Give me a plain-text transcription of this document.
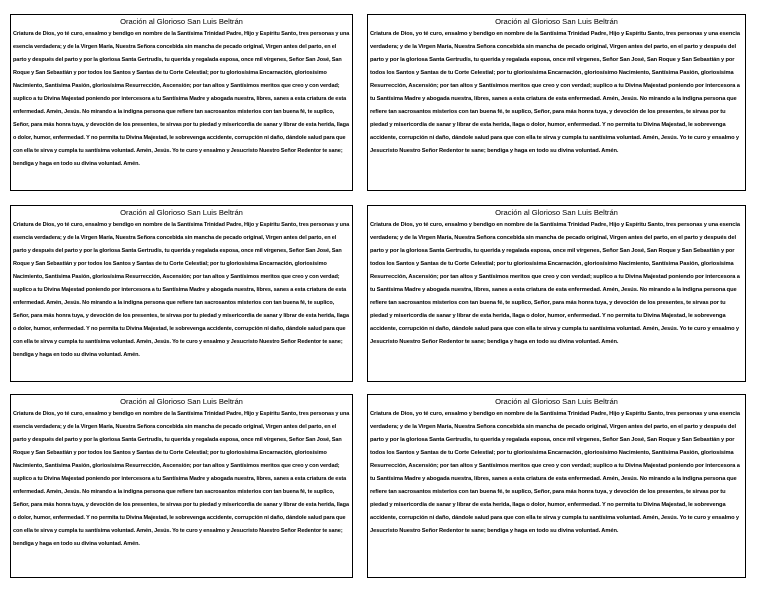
Oración al Glorioso San Luis Beltrán

Criatura de Dios, yo té curo, ensalmo y bendigo en nombre de la Santísima Trinidad Padre, Hijo y Espíritu Santo, tres personas y una esencia verdadera; y de la Virgen María, Nuestra Señora concebida sin mancha de pecado original, Virgen antes del parto, en el parto y después del parto y por la gloriosa Santa Gertrudis, tu querida y regalada esposa, once mil vírgenes, Señor San José, San Roque y San Sebastián y por todos los Santos y Santas de tu Corte Celestial; por tu gloriosísima Encarnación, gloriosísimo Nacimiento, Santísima Pasión, gloriosísima Resurrección, Ascensión; por tan altos y Santísimos meritos que creo y con verdad; suplico a tu Divina Majestad poniendo por intercesora a tu Santísima Madre y abogada nuestra, libres, sanes a esta criatura de esta enfermedad. Amén, Jesús. No mirando a la indigna persona que refiere tan sacrosantos misterios con tan buena fé, te suplico, Señor, para más honra tuya, y devoción de los presentes, te sirvas por tu piedad y misericordia de sanar y librar de esta herida, llaga o dolor, humor, enfermedad. Y no permita tu Divina Majestad, le sobrevenga accidente, corrupción ni daño, dándole salud para que con ella te sirva y cumpla tu santísima voluntad. Amén, Jesús. Yo te curo y ensalmo y Jesucristo Nuestro Señor Redentor te sane; bendiga y haga en todo su divina voluntad. Amén.

Oración al Glorioso San Luis Beltrán

Criatura de Dios, yo té curo, ensalmo y bendigo en nombre de la Santísima Trinidad Padre, Hijo y Espíritu Santo, tres personas y una esencia verdadera; y de la Virgen María, Nuestra Señora concebida sin mancha de pecado original, Virgen antes del parto, en el parto y después del parto y por la gloriosa Santa Gertrudis, tu querida y regalada esposa, once mil vírgenes, Señor San José, San Roque y San Sebastián y por todos los Santos y Santas de tu Corte Celestial; por tu gloriosísima Encarnación, gloriosísimo Nacimiento, Santísima Pasión, gloriosísima Resurrección, Ascensión; por tan altos y Santísimos meritos que creo y con verdad; suplico a tu Divina Majestad poniendo por intercesora a tu Santísima Madre y abogada nuestra, libres, sanes a esta criatura de esta enfermedad. Amén, Jesús. No mirando a la indigna persona que refiere tan sacrosantos misterios con tan buena fé, te suplico, Señor, para más honra tuya, y devoción de los presentes, te sirvas por tu piedad y misericordia de sanar y librar de esta herida, llaga o dolor, humor, enfermedad. Y no permita tu Divina Majestad, le sobrevenga accidente, corrupción ni daño, dándole salud para que con ella te sirva y cumpla tu santísima voluntad. Amén, Jesús. Yo te curo y ensalmo y Jesucristo Nuestro Señor Redentor te sane; bendiga y haga en todo su divina voluntad. Amén.

Oración al Glorioso San Luis Beltrán

Criatura de Dios, yo té curo, ensalmo y bendigo en nombre de la Santísima Trinidad Padre, Hijo y Espíritu Santo, tres personas y una esencia verdadera; y de la Virgen María, Nuestra Señora concebida sin mancha de pecado original, Virgen antes del parto, en el parto y después del parto y por la gloriosa Santa Gertrudis, tu querida y regalada esposa, once mil vírgenes, Señor San José, San Roque y San Sebastián y por todos los Santos y Santas de tu Corte Celestial; por tu gloriosísima Encarnación, gloriosísimo Nacimiento, Santísima Pasión, gloriosísima Resurrección, Ascensión; por tan altos y Santísimos meritos que creo y con verdad; suplico a tu Divina Majestad poniendo por intercesora a tu Santísima Madre y abogada nuestra, libres, sanes a esta criatura de esta enfermedad. Amén, Jesús. No mirando a la indigna persona que refiere tan sacrosantos misterios con tan buena fé, te suplico, Señor, para más honra tuya, y devoción de los presentes, te sirvas por tu piedad y misericordia de sanar y librar de esta herida, llaga o dolor, humor, enfermedad. Y no permita tu Divina Majestad, le sobrevenga accidente, corrupción ni daño, dándole salud para que con ella te sirva y cumpla tu santísima voluntad. Amén, Jesús. Yo te curo y ensalmo y Jesucristo Nuestro Señor Redentor te sane; bendiga y haga en todo su divina voluntad. Amén.

Oración al Glorioso San Luis Beltrán

Criatura de Dios, yo té curo, ensalmo y bendigo en nombre de la Santísima Trinidad Padre, Hijo y Espíritu Santo, tres personas y una esencia verdadera; y de la Virgen María, Nuestra Señora concebida sin mancha de pecado original, Virgen antes del parto, en el parto y después del parto y por la gloriosa Santa Gertrudis, tu querida y regalada esposa, once mil vírgenes, Señor San José, San Roque y San Sebastián y por todos los Santos y Santas de tu Corte Celestial; por tu gloriosísima Encarnación, gloriosísimo Nacimiento, Santísima Pasión, gloriosísima Resurrección, Ascensión; por tan altos y Santísimos meritos que creo y con verdad; suplico a tu Divina Majestad poniendo por intercesora a tu Santísima Madre y abogada nuestra, libres, sanes a esta criatura de esta enfermedad. Amén, Jesús. No mirando a la indigna persona que refiere tan sacrosantos misterios con tan buena fé, te suplico, Señor, para más honra tuya, y devoción de los presentes, te sirvas por tu piedad y misericordia de sanar y librar de esta herida, llaga o dolor, humor, enfermedad. Y no permita tu Divina Majestad, le sobrevenga accidente, corrupción ni daño, dándole salud para que con ella te sirva y cumpla tu santísima voluntad. Amén, Jesús. Yo te curo y ensalmo y Jesucristo Nuestro Señor Redentor te sane; bendiga y haga en todo su divina voluntad. Amén.

Oración al Glorioso San Luis Beltrán

Criatura de Dios, yo té curo, ensalmo y bendigo en nombre de la Santísima Trinidad Padre, Hijo y Espíritu Santo, tres personas y una esencia verdadera; y de la Virgen María, Nuestra Señora concebida sin mancha de pecado original, Virgen antes del parto, en el parto y después del parto y por la gloriosa Santa Gertrudis, tu querida y regalada esposa, once mil vírgenes, Señor San José, San Roque y San Sebastián y por todos los Santos y Santas de tu Corte Celestial; por tu gloriosísima Encarnación, gloriosísimo Nacimiento, Santísima Pasión, gloriosísima Resurrección, Ascensión; por tan altos y Santísimos meritos que creo y con verdad; suplico a tu Divina Majestad poniendo por intercesora a tu Santísima Madre y abogada nuestra, libres, sanes a esta criatura de esta enfermedad. Amén, Jesús. No mirando a la indigna persona que refiere tan sacrosantos misterios con tan buena fé, te suplico, Señor, para más honra tuya, y devoción de los presentes, te sirvas por tu piedad y misericordia de sanar y librar de esta herida, llaga o dolor, humor, enfermedad. Y no permita tu Divina Majestad, le sobrevenga accidente, corrupción ni daño, dándole salud para que con ella te sirva y cumpla tu santísima voluntad. Amén, Jesús. Yo te curo y ensalmo y Jesucristo Nuestro Señor Redentor te sane; bendiga y haga en todo su divina voluntad. Amén.

Oración al Glorioso San Luis Beltrán

Criatura de Dios, yo té curo, ensalmo y bendigo en nombre de la Santísima Trinidad Padre, Hijo y Espíritu Santo, tres personas y una esencia verdadera; y de la Virgen María, Nuestra Señora concebida sin mancha de pecado original, Virgen antes del parto, en el parto y después del parto y por la gloriosa Santa Gertrudis, tu querida y regalada esposa, once mil vírgenes, Señor San José, San Roque y San Sebastián y por todos los Santos y Santas de tu Corte Celestial; por tu gloriosísima Encarnación, gloriosísimo Nacimiento, Santísima Pasión, gloriosísima Resurrección, Ascensión; por tan altos y Santísimos meritos que creo y con verdad; suplico a tu Divina Majestad poniendo por intercesora a tu Santísima Madre y abogada nuestra, libres, sanes a esta criatura de esta enfermedad. Amén, Jesús. No mirando a la indigna persona que refiere tan sacrosantos misterios con tan buena fé, te suplico, Señor, para más honra tuya, y devoción de los presentes, te sirvas por tu piedad y misericordia de sanar y librar de esta herida, llaga o dolor, humor, enfermedad. Y no permita tu Divina Majestad, le sobrevenga accidente, corrupción ni daño, dándole salud para que con ella te sirva y cumpla tu santísima voluntad. Amén, Jesús. Yo te curo y ensalmo y Jesucristo Nuestro Señor Redentor te sane; bendiga y haga en todo su divina voluntad. Amén.
